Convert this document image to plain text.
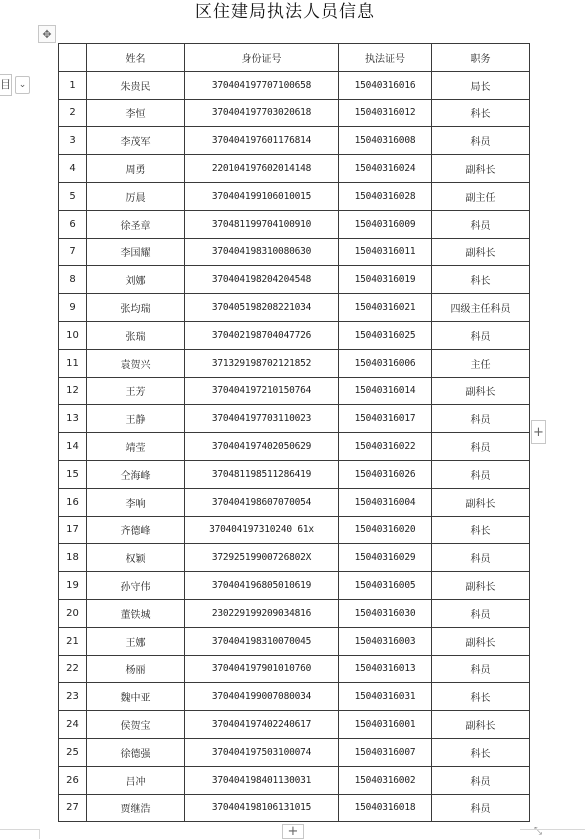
区住建局执法人员信息
✥
目 ⌄
	姓名	身份证号	执法证号	职务
1	朱贵民	370404197707100658	15040316016	局长
2	李恒	370404197703020618	15040316012	科长
3	李茂军	370404197601176814	15040316008	科员
4	周勇	220104197602014148	15040316024	副科长
5	厉晨	370404199106010015	15040316028	副主任
6	徐圣章	370481199704100910	15040316009	科员
7	李国耀	370404198310080630	15040316011	副科长
8	刘娜	370404198204204548	15040316019	科长
9	张均瑞	370405198208221034	15040316021	四级主任科员
10	张瑞	370402198704047726	15040316025	科员
11	袁贺兴	371329198702121852	15040316006	主任
12	王芳	370404197210150764	15040316014	副科长
13	王静	370404197703110023	15040316017	科员
14	靖莹	370404197402050629	15040316022	科员
15	仝海峰	370481198511286419	15040316026	科员
16	李响	370404198607070054	15040316004	副科长
17	齐德峰	370404197310240 61x	15040316020	科长
18	权颖	37292519900726802X	15040316029	科员
19	孙守伟	370404196805010619	15040316005	副科长
20	董铁城	230229199209034816	15040316030	科员
21	王娜	370404198310070045	15040316003	副科长
22	杨丽	370404197901010760	15040316013	科员
23	魏中亚	370404199007080034	15040316031	科长
24	侯贺宝	370404197402240617	15040316001	副科长
25	徐德强	370404197503100074	15040316007	科长
26	吕冲	370404198401130031	15040316002	科员
27	贾继浩	370404198106131015	15040316018	科员
+
+	⤡
